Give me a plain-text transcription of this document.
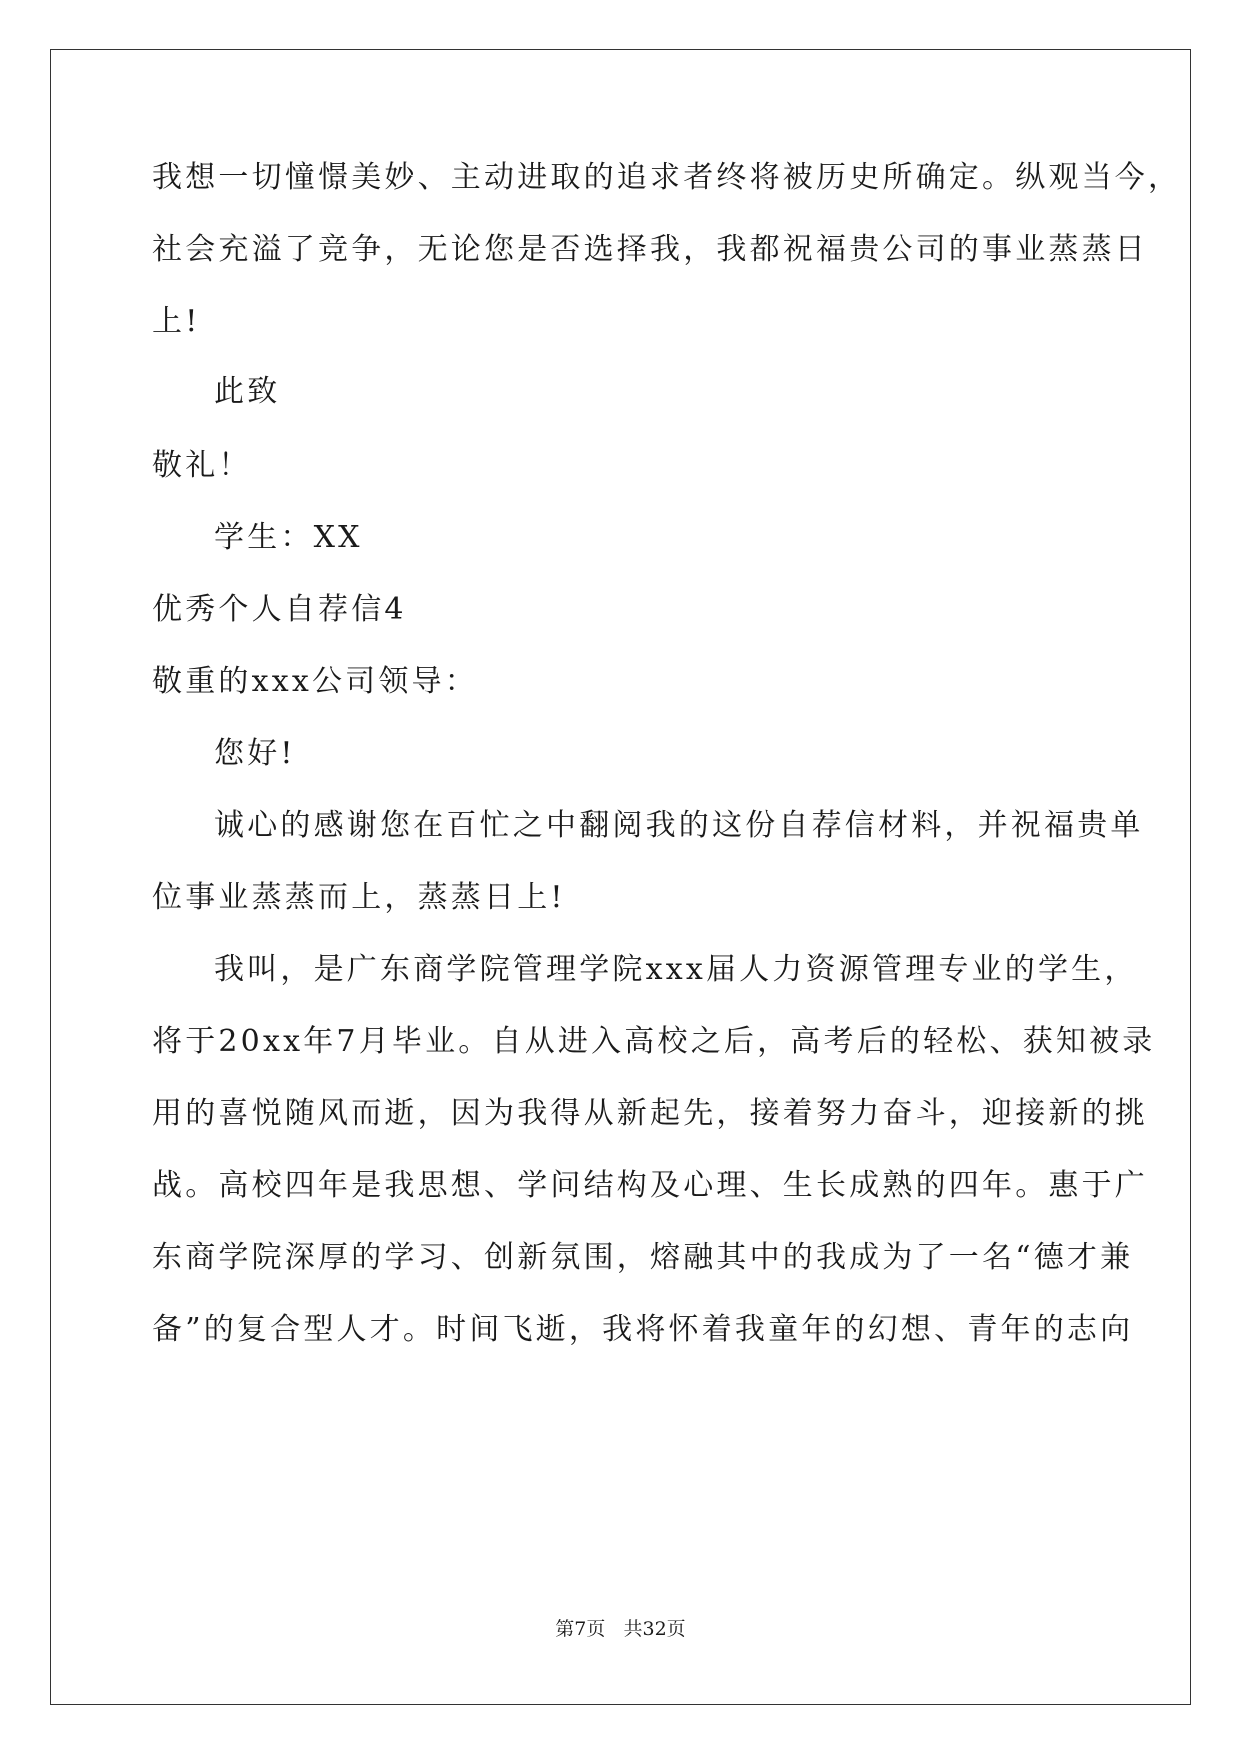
我想一切憧憬美妙、主动进取的追求者终将被历史所确定。纵观当今，
社会充溢了竞争，无论您是否选择我，我都祝福贵公司的事业蒸蒸日
上!
此致
敬礼！
学生：XX
优秀个人自荐信4
敬重的xxx公司领导：
您好!
诚心的感谢您在百忙之中翻阅我的这份自荐信材料，并祝福贵单
位事业蒸蒸而上，蒸蒸日上!
我叫，是广东商学院管理学院xxx届人力资源管理专业的学生，
将于20xx年7月毕业。自从进入高校之后，高考后的轻松、获知被录
用的喜悦随风而逝，因为我得从新起先，接着努力奋斗，迎接新的挑
战。高校四年是我思想、学问结构及心理、生长成熟的四年。惠于广
东商学院深厚的学习、创新氛围，熔融其中的我成为了一名“德才兼
备”的复合型人才。时间飞逝，我将怀着我童年的幻想、青年的志向
第7页   共32页
